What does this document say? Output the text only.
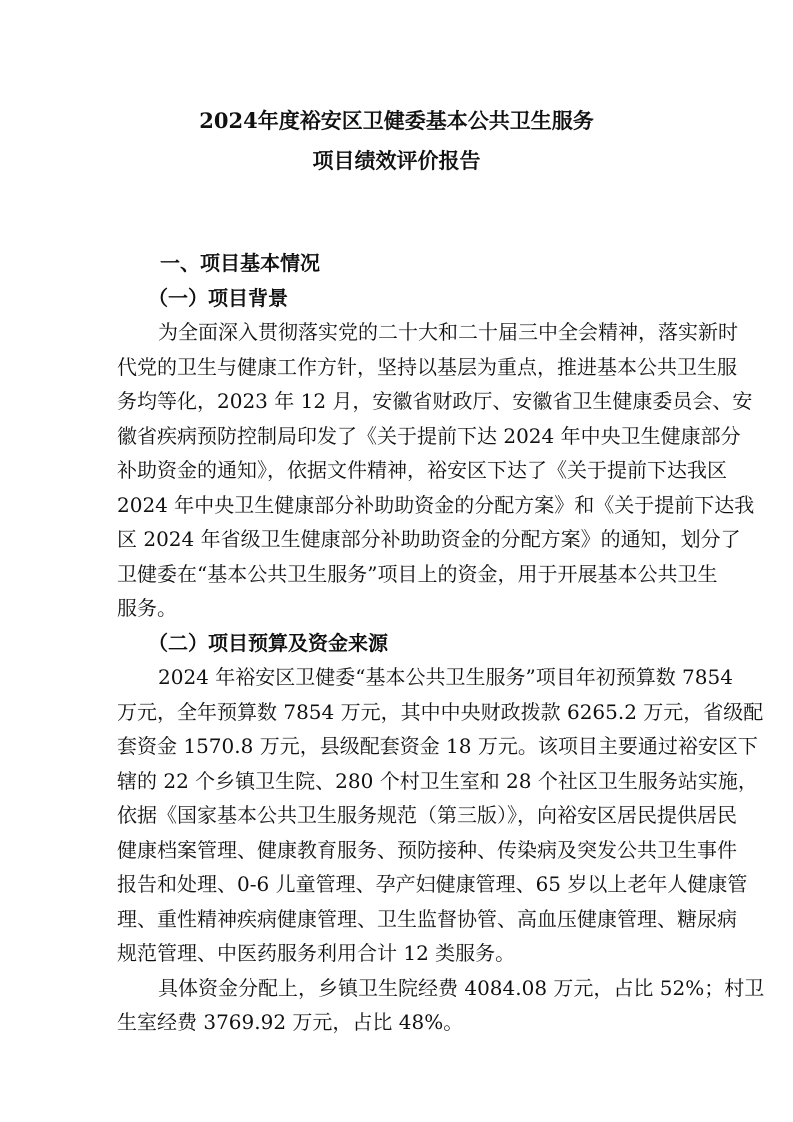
2024年度裕安区卫健委基本公共卫生服务
项目绩效评价报告
一、项目基本情况
（一）项目背景
为全面深入贯彻落实党的二十大和二十届三中全会精神，落实新时
代党的卫生与健康工作方针，坚持以基层为重点，推进基本公共卫生服
务均等化，2023 年 12 月，安徽省财政厅、安徽省卫生健康委员会、安
徽省疾病预防控制局印发了《关于提前下达 2024 年中央卫生健康部分
补助资金的通知》，依据文件精神，裕安区下达了《关于提前下达我区
2024 年中央卫生健康部分补助助资金的分配方案》和《关于提前下达我
区 2024 年省级卫生健康部分补助助资金的分配方案》的通知，划分了
卫健委在“基本公共卫生服务”项目上的资金，用于开展基本公共卫生
服务。
（二）项目预算及资金来源
2024 年裕安区卫健委“基本公共卫生服务”项目年初预算数 7854
万元，全年预算数 7854 万元，其中中央财政拨款 6265.2 万元，省级配
套资金 1570.8 万元，县级配套资金 18 万元。该项目主要通过裕安区下
辖的 22 个乡镇卫生院、280 个村卫生室和 28 个社区卫生服务站实施，
依据《国家基本公共卫生服务规范（第三版）》，向裕安区居民提供居民
健康档案管理、健康教育服务、预防接种、传染病及突发公共卫生事件
报告和处理、0-6 儿童管理、孕产妇健康管理、65 岁以上老年人健康管
理、重性精神疾病健康管理、卫生监督协管、高血压健康管理、糖尿病
规范管理、中医药服务利用合计 12 类服务。
具体资金分配上，乡镇卫生院经费 4084.08 万元，占比 52%；村卫
生室经费 3769.92 万元，占比 48%。
